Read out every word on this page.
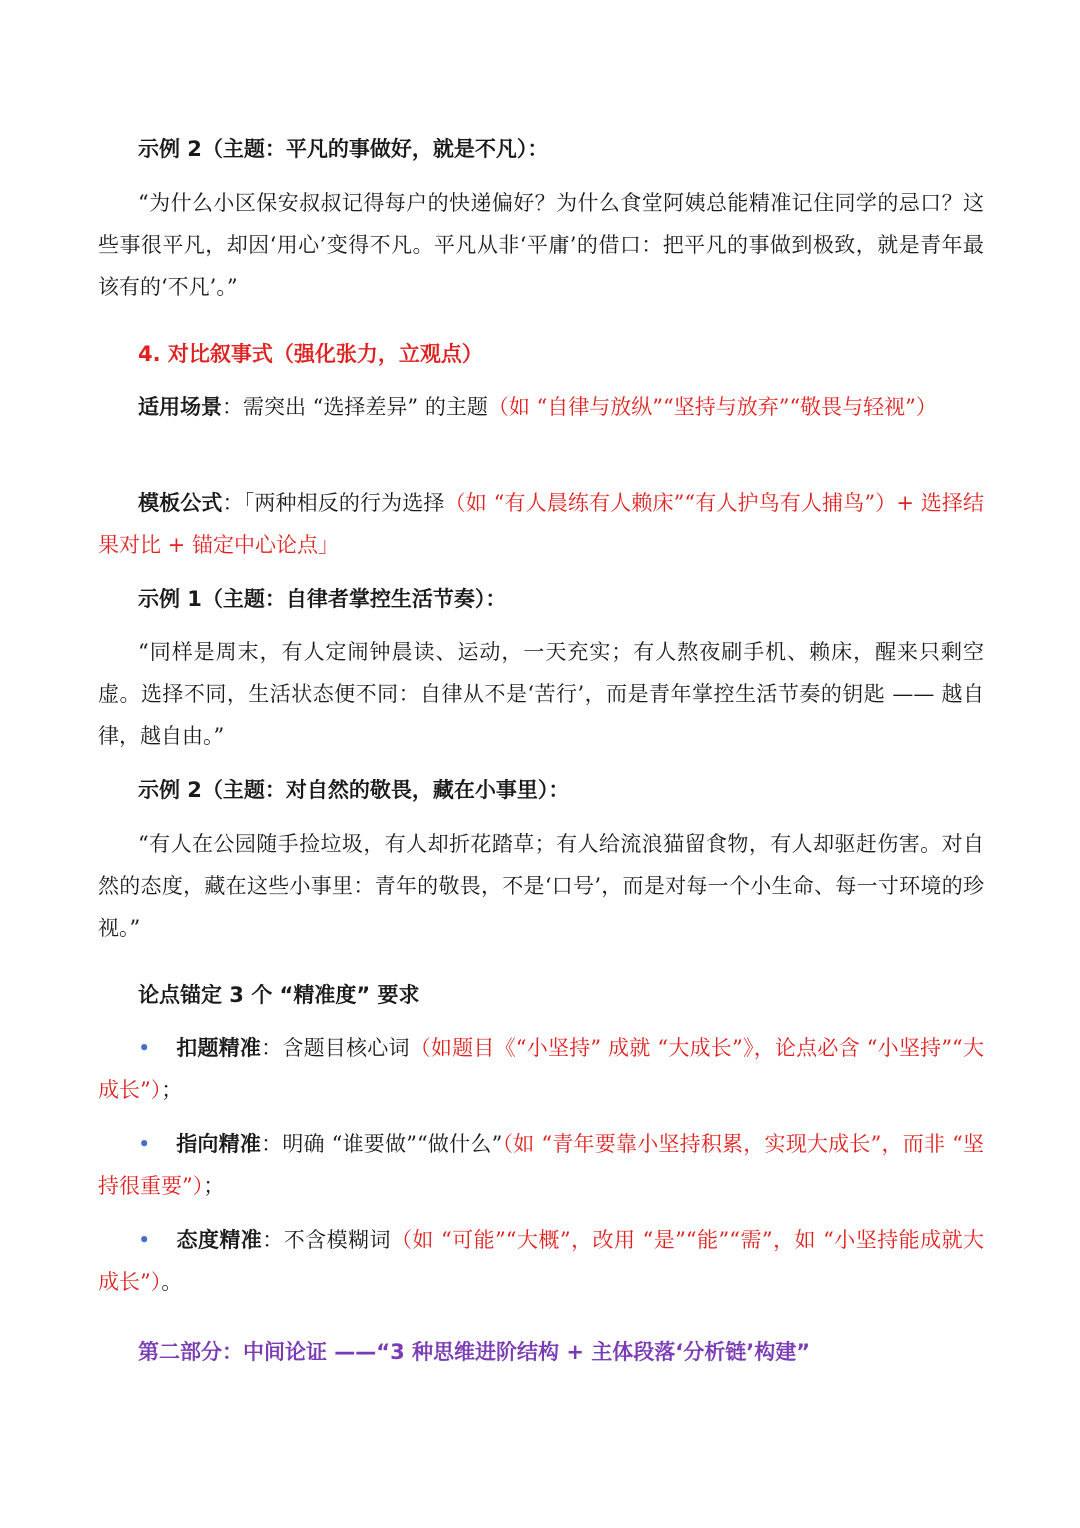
示例 2（主题：平凡的事做好，就是不凡）：

“为什么小区保安叔叔记得每户的快递偏好？为什么食堂阿姨总能精准记住同学的忌口？这些事很平凡，却因‘用心’变得不凡。平凡从非‘平庸’的借口：把平凡的事做到极致，就是青年最该有的‘不凡’。”

4. 对比叙事式（强化张力，立观点）

适用场景：需突出 “选择差异” 的主题（如 “自律与放纵”“坚持与放弃”“敬畏与轻视”）

模板公式：「两种相反的行为选择（如 “有人晨练有人赖床”“有人护鸟有人捕鸟”）+ 选择结果对比 + 锚定中心论点」

示例 1（主题：自律者掌控生活节奏）：

“同样是周末，有人定闹钟晨读、运动，一天充实；有人熬夜刷手机、赖床，醒来只剩空虚。选择不同，生活状态便不同：自律从不是‘苦行’，而是青年掌控生活节奏的钥匙 —— 越自律，越自由。”

示例 2（主题：对自然的敬畏，藏在小事里）：

“有人在公园随手捡垃圾，有人却折花踏草；有人给流浪猫留食物，有人却驱赶伤害。对自然的态度，藏在这些小事里：青年的敬畏，不是‘口号’，而是对每一个小生命、每一寸环境的珍视。”

论点锚定 3 个 “精准度” 要求

• 扣题精准：含题目核心词（如题目《“小坚持” 成就 “大成长”》，论点必含 “小坚持”“大成长”）；

• 指向精准：明确 “谁要做”“做什么”（如 “青年要靠小坚持积累，实现大成长”，而非 “坚持很重要”）；

• 态度精准：不含模糊词（如 “可能”“大概”，改用 “是”“能”“需”，如 “小坚持能成就大成长”）。

第二部分：中间论证 ——“3 种思维进阶结构 + 主体段落‘分析链’构建”
